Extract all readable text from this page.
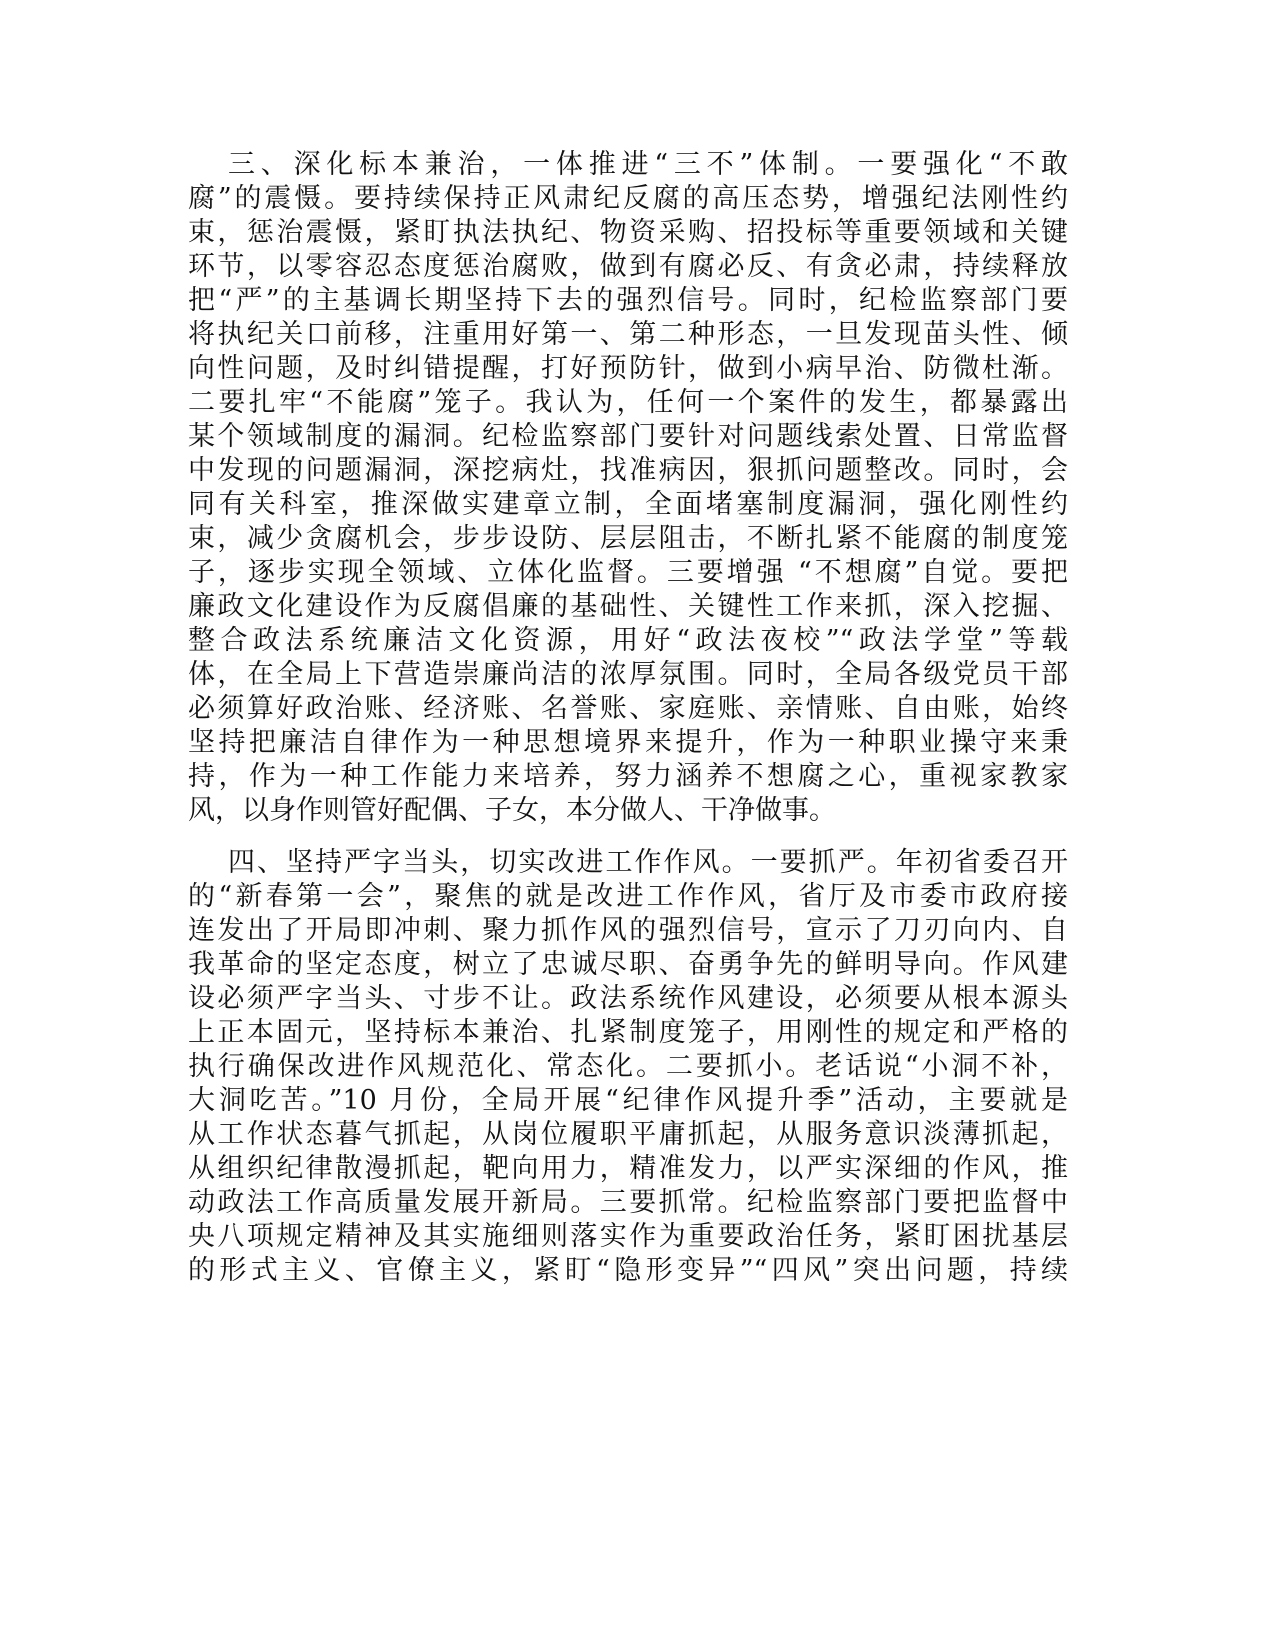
三、深化标本兼治，一体推进“三不”体制。一要强化“不敢
腐”的震慑。要持续保持正风肃纪反腐的高压态势，增强纪法刚性约
束，惩治震慑，紧盯执法执纪、物资采购、招投标等重要领域和关键
环节，以零容忍态度惩治腐败，做到有腐必反、有贪必肃，持续释放
把“严”的主基调长期坚持下去的强烈信号。同时，纪检监察部门要
将执纪关口前移，注重用好第一、第二种形态，一旦发现苗头性、倾
向性问题，及时纠错提醒，打好预防针，做到小病早治、防微杜渐。
二要扎牢“不能腐”笼子。我认为，任何一个案件的发生，都暴露出
某个领域制度的漏洞。纪检监察部门要针对问题线索处置、日常监督
中发现的问题漏洞，深挖病灶，找准病因，狠抓问题整改。同时，会
同有关科室，推深做实建章立制，全面堵塞制度漏洞，强化刚性约
束，减少贪腐机会，步步设防、层层阻击，不断扎紧不能腐的制度笼
子，逐步实现全领域、立体化监督。三要增强 “不想腐”自觉。要把
廉政文化建设作为反腐倡廉的基础性、关键性工作来抓，深入挖掘、
整合政法系统廉洁文化资源，用好“政法夜校”“政法学堂”等载
体，在全局上下营造崇廉尚洁的浓厚氛围。同时，全局各级党员干部
必须算好政治账、经济账、名誉账、家庭账、亲情账、自由账，始终
坚持把廉洁自律作为一种思想境界来提升，作为一种职业操守来秉
持，作为一种工作能力来培养，努力涵养不想腐之心，重视家教家
风，以身作则管好配偶、子女，本分做人、干净做事。
四、坚持严字当头，切实改进工作作风。一要抓严。年初省委召开
的“新春第一会”，聚焦的就是改进工作作风，省厅及市委市政府接
连发出了开局即冲刺、聚力抓作风的强烈信号，宣示了刀刃向内、自
我革命的坚定态度，树立了忠诚尽职、奋勇争先的鲜明导向。作风建
设必须严字当头、寸步不让。政法系统作风建设，必须要从根本源头
上正本固元，坚持标本兼治、扎紧制度笼子，用刚性的规定和严格的
执行确保改进作风规范化、常态化。二要抓小。老话说“小洞不补，
大洞吃苦。”10 月份，全局开展“纪律作风提升季”活动，主要就是
从工作状态暮气抓起，从岗位履职平庸抓起，从服务意识淡薄抓起，
从组织纪律散漫抓起，靶向用力，精准发力，以严实深细的作风，推
动政法工作高质量发展开新局。三要抓常。纪检监察部门要把监督中
央八项规定精神及其实施细则落实作为重要政治任务，紧盯困扰基层
的形式主义、官僚主义，紧盯“隐形变异”“四风”突出问题，持续
